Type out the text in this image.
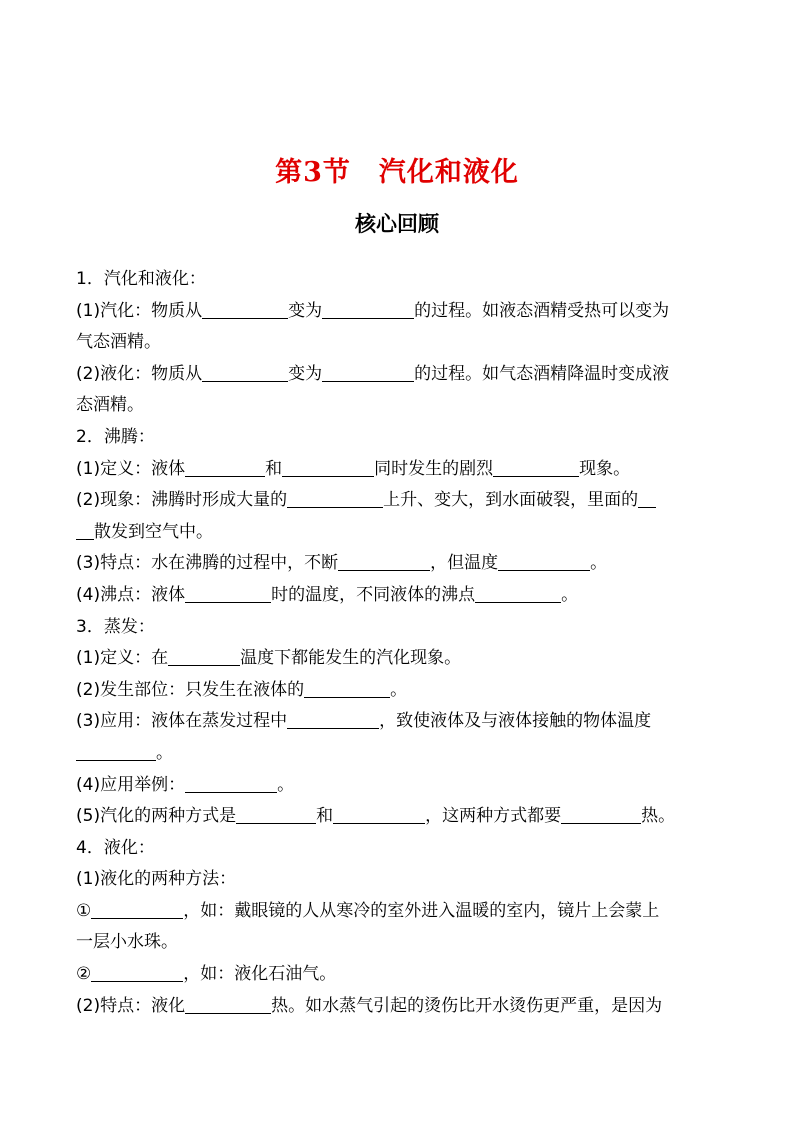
第3节　汽化和液化
核心回顾
1．汽化和液化：
(1)汽化：物质从	变为	的过程。如液态酒精受热可以变为
气态酒精。
(2)液化：物质从	变为	的过程。如气态酒精降温时变成液
态酒精。
2．沸腾：
(1)定义：液体	和	同时发生的剧烈	现象。
(2)现象：沸腾时形成大量的	上升、变大，到水面破裂，里面的
散发到空气中。
(3)特点：水在沸腾的过程中，不断	，但温度	。
(4)沸点：液体	时的温度，不同液体的沸点	。
3．蒸发：
(1)定义：在	温度下都能发生的汽化现象。
(2)发生部位：只发生在液体的	。
(3)应用：液体在蒸发过程中	，致使液体及与液体接触的物体温度
。
(4)应用举例：	。
(5)汽化的两种方式是	和	，这两种方式都要	热。
4．液化：
(1)液化的两种方法：
①	，如：戴眼镜的人从寒冷的室外进入温暖的室内，镜片上会蒙上
一层小水珠。
②	，如：液化石油气。
(2)特点：液化	热。如水蒸气引起的烫伤比开水烫伤更严重，是因为
